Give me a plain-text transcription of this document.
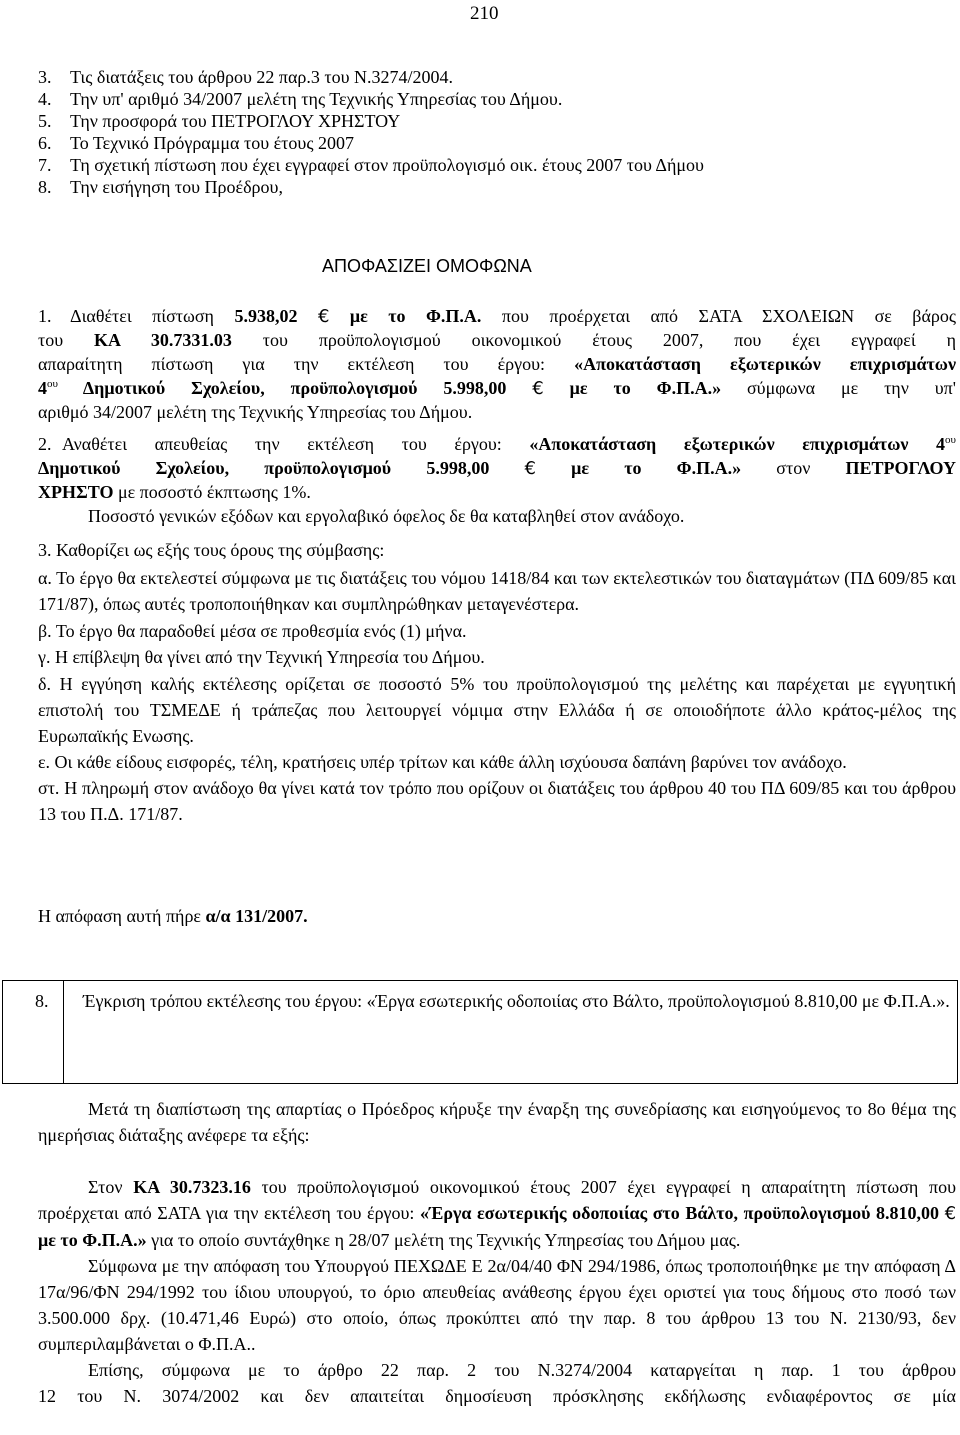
210
3. Τις διατάξεις του άρθρου 22 παρ.3 του Ν.3274/2004.
4. Την υπ' αριθμό 34/2007 μελέτη της Τεχνικής Υπηρεσίας του Δήμου.
5. Την προσφορά του ΠΕΤΡΟΓΛΟΥ ΧΡΗΣΤΟΥ
6. Το Τεχνικό Πρόγραμμα του έτους 2007
7. Τη σχετική πίστωση που έχει εγγραφεί στον προϋπολογισμό οικ. έτους 2007 του Δήμου
8. Την εισήγηση του Προέδρου,
ΑΠΟΦΑΣΙΖΕΙ ΟΜΟΦΩΝΑ
1. Διαθέτει πίστωση 5.938,02 € με το Φ.Π.Α. που προέρχεται από ΣΑΤΑ ΣΧΟΛΕΙΩΝ σε βάρος
του ΚΑ 30.7331.03 του προϋπολογισμού οικονομικού έτους 2007, που έχει εγγραφεί η
απαραίτητη πίστωση για την εκτέλεση του έργου: «Αποκατάσταση εξωτερικών επιχρισμάτων
$4^{o\upsilon}$ Δημοτικού Σχολείου, προϋπολογισμού 5.998,00 € με το Φ.Π.Α.» σύμφωνα με την υπ'
αριθμό 34/2007 μελέτη της Τεχνικής Υπηρεσίας του Δήμου.
2. Αναθέτει απευθείας την εκτέλεση του έργου: «Αποκατάσταση εξωτερικών επιχρισμάτων $4^{o\upsilon}$
Δημοτικού Σχολείου, προϋπολογισμού 5.998,00 € με το Φ.Π.Α.» στον ΠΕΤΡΟΓΛΟΥ
ΧΡΗΣΤΟ με ποσοστό έκπτωσης 1%.
Ποσοστό γενικών εξόδων και εργολαβικό όφελος δε θα καταβληθεί στον ανάδοχο.
3. Καθορίζει ως εξής τους όρους της σύμβασης:
α. Το έργο θα εκτελεστεί σύμφωνα με τις διατάξεις του νόμου 1418/84 και των εκτελεστικών του διαταγμάτων (ΠΔ 609/85 και 171/87), όπως αυτές τροποποιήθηκαν και συμπληρώθηκαν μεταγενέστερα.
β. Το έργο θα παραδοθεί μέσα σε προθεσμία ενός (1) μήνα.
γ. Η επίβλεψη θα γίνει από την Τεχνική Υπηρεσία του Δήμου.
δ. Η εγγύηση καλής εκτέλεσης ορίζεται σε ποσοστό 5% του προϋπολογισμού της μελέτης και παρέχεται με εγγυητική επιστολή του ΤΣΜΕΔΕ ή τράπεζας που λειτουργεί νόμιμα στην Ελλάδα ή σε οποιοδήποτε άλλο κράτος-μέλος της Ευρωπαϊκής Ενωσης.
ε. Οι κάθε είδους εισφορές, τέλη, κρατήσεις υπέρ τρίτων και κάθε άλλη ισχύουσα δαπάνη βαρύνει τον ανάδοχο.
στ. Η πληρωμή στον ανάδοχο θα γίνει κατά τον τρόπο που ορίζουν οι διατάξεις του άρθρου 40 του ΠΔ 609/85 και του άρθρου 13 του Π.Δ. 171/87.
Η απόφαση αυτή πήρε α/α 131/2007.
8. Έγκριση τρόπου εκτέλεσης του έργου: «Έργα εσωτερικής οδοποιίας στο Βάλτο, προϋπολογισμού 8.810,00 με Φ.Π.Α.».
Μετά τη διαπίστωση της απαρτίας ο Πρόεδρος κήρυξε την έναρξη της συνεδρίασης και εισηγούμενος το 8ο θέμα της ημερήσιας διάταξης ανέφερε τα εξής:
Στον ΚΑ 30.7323.16 του προϋπολογισμού οικονομικού έτους 2007 έχει εγγραφεί η απαραίτητη πίστωση που προέρχεται από ΣΑΤΑ για την εκτέλεση του έργου: «Έργα εσωτερικής οδοποιίας στο Βάλτο, προϋπολογισμού 8.810,00 € με το Φ.Π.Α.» για το οποίο συντάχθηκε η 28/07 μελέτη της Τεχνικής Υπηρεσίας του Δήμου μας.
Σύμφωνα με την απόφαση του Υπουργού ΠΕΧΩΔΕ Ε 2α/04/40 ΦΝ 294/1986, όπως τροποποιήθηκε με την απόφαση Δ 17α/96/ΦΝ 294/1992 του ίδιου υπουργού, το όριο απευθείας ανάθεσης έργου έχει οριστεί για τους δήμους στο ποσό των 3.500.000 δρχ. (10.471,46 Ευρώ) στο οποίο, όπως προκύπτει από την παρ. 8 του άρθρου 13 του Ν. 2130/93, δεν συμπεριλαμβάνεται ο Φ.Π.Α..
Επίσης, σύμφωνα με το άρθρο 22 παρ. 2 του Ν.3274/2004 καταργείται η παρ. 1 του άρθρου
12 του Ν. 3074/2002 και δεν απαιτείται δημοσίευση πρόσκλησης εκδήλωσης ενδιαφέροντος σε μία
